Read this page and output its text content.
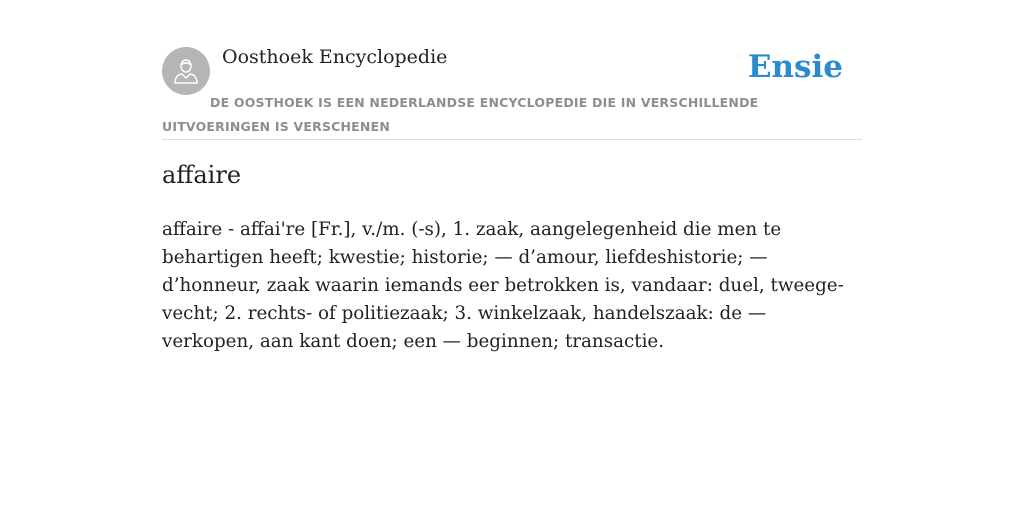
Oosthoek Encyclopedie	Ensie
DE OOSTHOEK IS EEN NEDERLANDSE ENCYCLOPEDIE DIE IN VERSCHILLENDE UITVOERINGEN IS VERSCHENEN
affaire

affaire - affai're [Fr.], v./m. (-s), 1. zaak, aangelegenheid die men te behartigen heeft; kwestie; historie; — d’amour, liefdeshistorie; — d’honneur, zaak waarin iemands eer betrokken is, vandaar: duel, tweege- vecht; 2. rechts- of politiezaak; 3. winkelzaak, handelszaak: de — verkopen, aan kant doen; een — beginnen; transactie.
